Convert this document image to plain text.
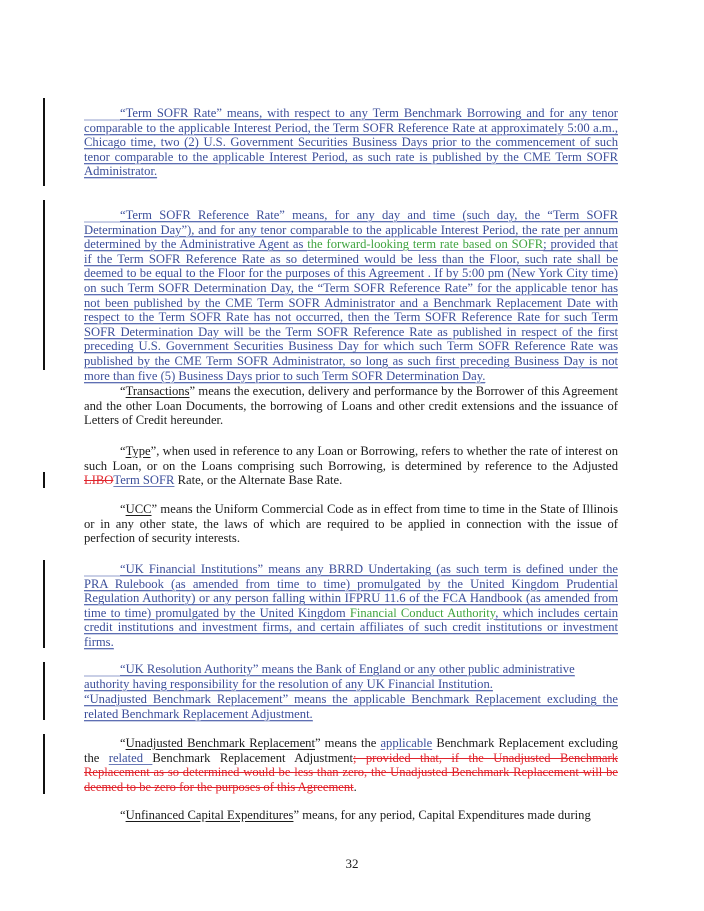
“Term SOFR Rate” means, with respect to any Term Benchmark Borrowing and for any tenor comparable to the applicable Interest Period, the Term SOFR Reference Rate at approximately 5:00 a.m., Chicago time, two (2) U.S. Government Securities Business Days prior to the commencement of such tenor comparable to the applicable Interest Period, as such rate is published by the CME Term SOFR Administrator.

“Term SOFR Reference Rate” means, for any day and time (such day, the “Term SOFR Determination Day”), and for any tenor comparable to the applicable Interest Period, the rate per annum determined by the Administrative Agent as the forward-looking term rate based on SOFR; provided that if the Term SOFR Reference Rate as so determined would be less than the Floor, such rate shall be deemed to be equal to the Floor for the purposes of this Agreement . If by 5:00 pm (New York City time) on such Term SOFR Determination Day, the “Term SOFR Reference Rate” for the applicable tenor has not been published by the CME Term SOFR Administrator and a Benchmark Replacement Date with respect to the Term SOFR Rate has not occurred, then the Term SOFR Reference Rate for such Term SOFR Determination Day will be the Term SOFR Reference Rate as published in respect of the first preceding U.S. Government Securities Business Day for which such Term SOFR Reference Rate was published by the CME Term SOFR Administrator, so long as such first preceding Business Day is not more than five (5) Business Days prior to such Term SOFR Determination Day.

“Transactions” means the execution, delivery and performance by the Borrower of this Agreement and the other Loan Documents, the borrowing of Loans and other credit extensions and the issuance of Letters of Credit hereunder.

“Type”, when used in reference to any Loan or Borrowing, refers to whether the rate of interest on such Loan, or on the Loans comprising such Borrowing, is determined by reference to the Adjusted LIBOTerm SOFR Rate, or the Alternate Base Rate.

“UCC” means the Uniform Commercial Code as in effect from time to time in the State of Illinois or in any other state, the laws of which are required to be applied in connection with the issue of perfection of security interests.

“UK Financial Institutions” means any BRRD Undertaking (as such term is defined under the PRA Rulebook (as amended from time to time) promulgated by the United Kingdom Prudential Regulation Authority) or any person falling within IFPRU 11.6 of the FCA Handbook (as amended from time to time) promulgated by the United Kingdom Financial Conduct Authority, which includes certain credit institutions and investment firms, and certain affiliates of such credit institutions or investment firms.

“UK Resolution Authority” means the Bank of England or any other public administrative authority having responsibility for the resolution of any UK Financial Institution.

“Unadjusted Benchmark Replacement” means the applicable Benchmark Replacement excluding the related Benchmark Replacement Adjustment.

“Unadjusted Benchmark Replacement” means the applicable Benchmark Replacement excluding the related Benchmark Replacement Adjustment; provided that, if the Unadjusted Benchmark Replacement as so determined would be less than zero, the Unadjusted Benchmark Replacement will be deemed to be zero for the purposes of this Agreement.

“Unfinanced Capital Expenditures” means, for any period, Capital Expenditures made during

32
